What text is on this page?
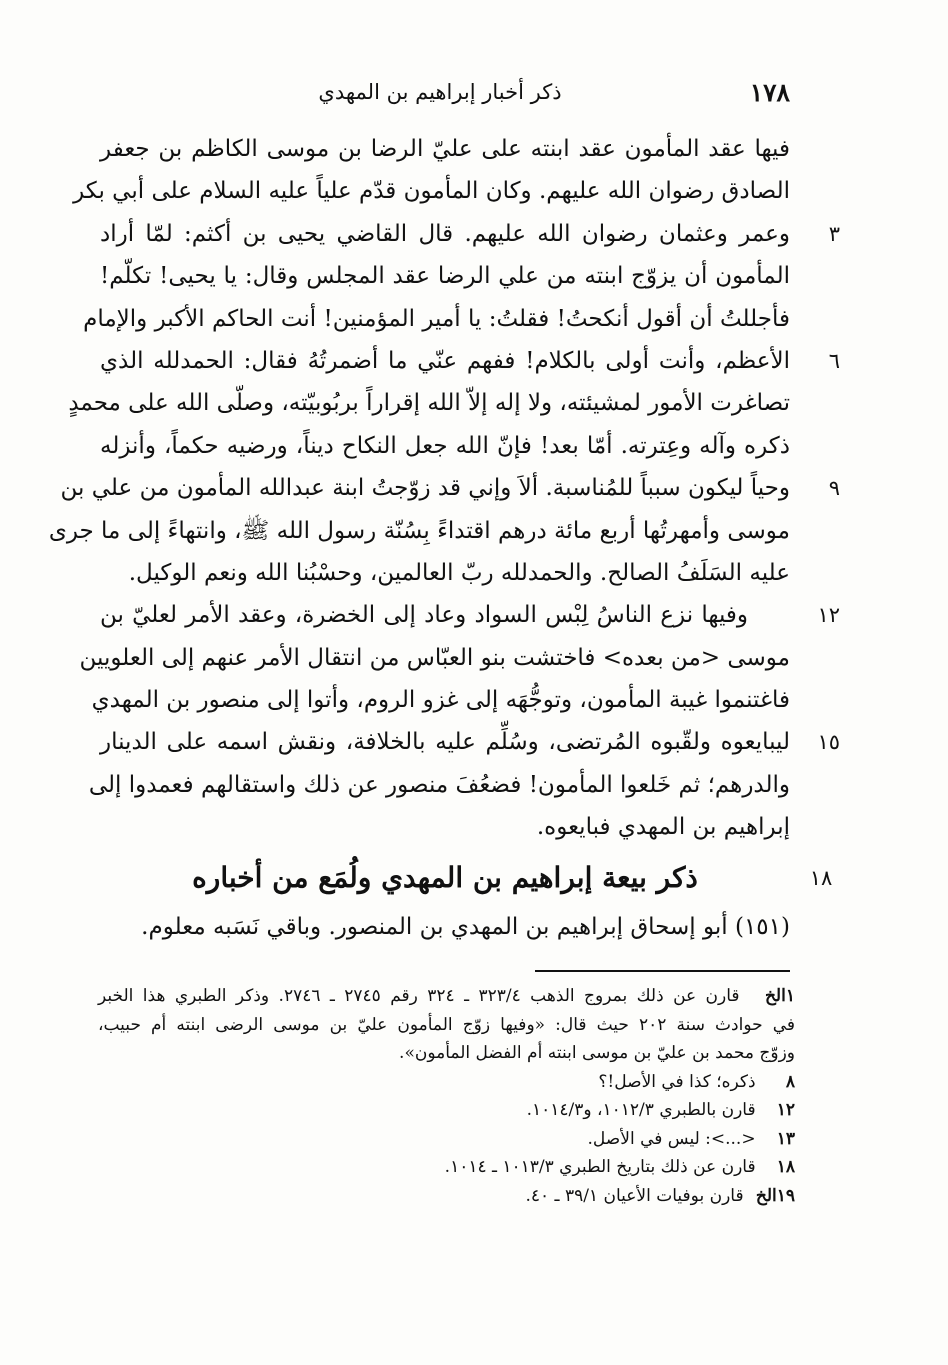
١٧٨
ذكر أخبار إبراهيم بن المهدي
فيها عقد المأمون عقد ابنته على عليّ الرضا بن موسى الكاظم بن جعفر
الصادق رضوان الله عليهم. وكان المأمون قدّم علياً عليه السلام على أبي بكر
وعمر وعثمان رضوان الله عليهم. قال القاضي يحيى بن أكثم: لمّا أراد	٣
المأمون أن يزوّج ابنته من علي الرضا عقد المجلس وقال: يا يحيى! تكلّم!
فأجللتُ أن أقول أنكحتُ! فقلتُ: يا أمير المؤمنين! أنت الحاكم الأكبر والإمام
الأعظم، وأنت أولى بالكلام! ففهم عنّي ما أضمرتُهُ فقال: الحمدلله الذي	٦
تصاغرت الأمور لمشيئته، ولا إله إلاّ الله إقراراً بربُوبيّته، وصلّى الله على محمدٍ
ذكره وآله وعِترته. أمّا بعد! فإنّ الله جعل النكاح ديناً، ورضيه حكماً، وأنزله
وحياً ليكون سبباً للمُناسبة. ألاَ وإني قد زوّجتُ ابنة عبدالله المأمون من علي بن	٩
موسى وأمهرتُها أربع مائة درهم اقتداءً بِسُنّة رسول الله ﷺ، وانتهاءً إلى ما جرى
عليه السَلَفُ الصالح. والحمدلله ربّ العالمين، وحسْبُنا الله ونعم الوكيل.
وفيها نزع الناسُ لِبْس السواد وعاد إلى الخضرة، وعقد الأمر لعليّ بن	١٢
موسى <من بعده> فاختشت بنو العبّاس من انتقال الأمر عنهم إلى العلويين
فاغتنموا غيبة المأمون، وتوجُّهَه إلى غزو الروم، وأتوا إلى منصور بن المهدي
ليبايعوه ولقّبوه المُرتضى، وسُلِّم عليه بالخلافة، ونقش اسمه على الدينار	١٥
والدرهم؛ ثم خَلعوا المأمون! فضعُفَ منصور عن ذلك واستقالهم فعمدوا إلى
إبراهيم بن المهدي فبايعوه.
ذكر بيعة إبراهيم بن المهدي ولُمَع من أخباره	١٨
(١٥١) أبو إسحاق إبراهيم بن المهدي بن المنصور. وباقي نَسَبه معلوم.
١الخ قارن عن ذلك بمروج الذهب ٣٢٣/٤ ـ ٣٢٤ رقم ٢٧٤٥ ـ ٢٧٤٦. وذكر الطبري هذا الخبر
في حوادث سنة ٢٠٢ حيث قال: «وفيها زوّج المأمون عليّ بن موسى الرضى ابنته أم حبيب،
وزوّج محمد بن عليّ بن موسى ابنته أم الفضل المأمون».
٨ ذكره؛ كذا في الأصل!؟
١٢ قارن بالطبري ١٠١٢/٣، و١٠١٤/٣.
١٣ <...>: ليس في الأصل.
١٨ قارن عن ذلك بتاريخ الطبري ١٠١٣/٣ ـ ١٠١٤.
١٩الخ قارن بوفيات الأعيان ٣٩/١ ـ ٤٠.
